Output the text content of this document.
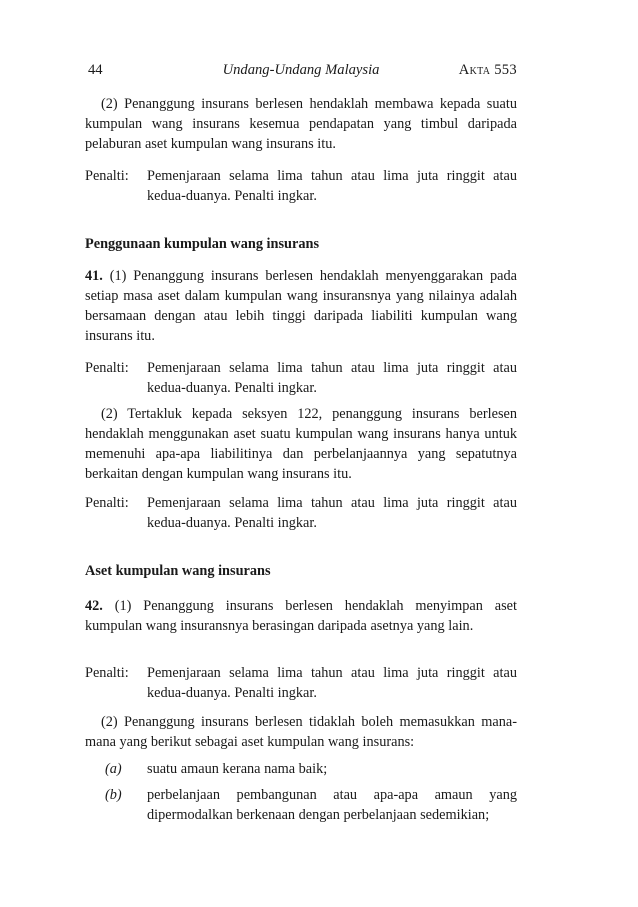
44	Undang-Undang Malaysia	Akta 553
(2) Penanggung insurans berlesen hendaklah membawa kepada suatu kumpulan wang insurans kesemua pendapatan yang timbul daripada pelaburan aset kumpulan wang insurans itu.
Penalti: Pemenjaraan selama lima tahun atau lima juta ringgit atau kedua-duanya. Penalti ingkar.
Penggunaan kumpulan wang insurans
41. (1) Penanggung insurans berlesen hendaklah menyenggarakan pada setiap masa aset dalam kumpulan wang insuransnya yang nilainya adalah bersamaan dengan atau lebih tinggi daripada liabiliti kumpulan wang insurans itu.
Penalti: Pemenjaraan selama lima tahun atau lima juta ringgit atau kedua-duanya. Penalti ingkar.
(2) Tertakluk kepada seksyen 122, penanggung insurans berlesen hendaklah menggunakan aset suatu kumpulan wang insurans hanya untuk memenuhi apa-apa liabilitinya dan perbelanjaannya yang sepatutnya berkaitan dengan kumpulan wang insurans itu.
Penalti: Pemenjaraan selama lima tahun atau lima juta ringgit atau kedua-duanya. Penalti ingkar.
Aset kumpulan wang insurans
42. (1) Penanggung insurans berlesen hendaklah menyimpan aset kumpulan wang insuransnya berasingan daripada asetnya yang lain.
Penalti: Pemenjaraan selama lima tahun atau lima juta ringgit atau kedua-duanya. Penalti ingkar.
(2) Penanggung insurans berlesen tidaklah boleh memasukkan mana-mana yang berikut sebagai aset kumpulan wang insurans:
(a) suatu amaun kerana nama baik;
(b) perbelanjaan pembangunan atau apa-apa amaun yang dipermodalkan berkenaan dengan perbelanjaan sedemikian;
